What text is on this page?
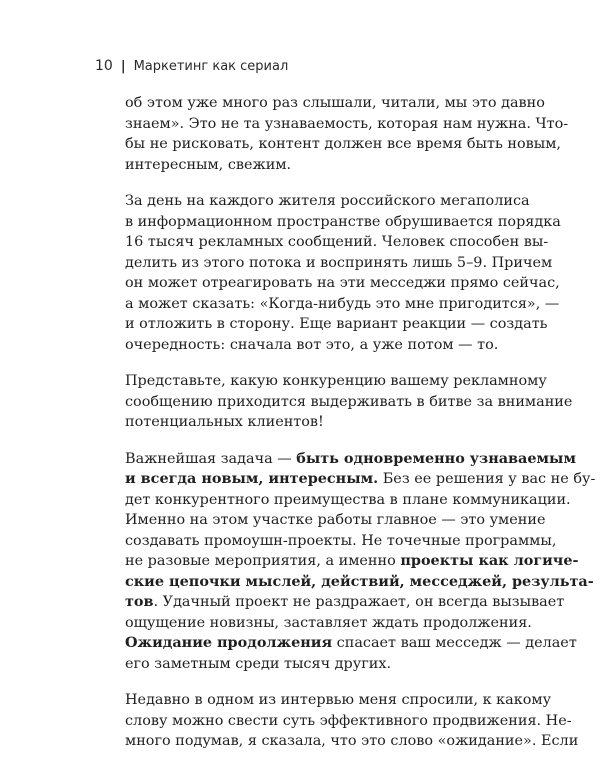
10 | Маркетинг как сериал
об этом уже много раз слышали, читали, мы это давно
знаем». Это не та узнаваемость, которая нам нужна. Что-
бы не рисковать, контент должен все время быть новым,
интересным, свежим.
За день на каждого жителя российского мегаполиса
в информационном пространстве обрушивается порядка
16 тысяч рекламных сообщений. Человек способен вы-
делить из этого потока и воспринять лишь 5–9. Причем
он может отреагировать на эти месседжи прямо сейчас,
а может сказать: «Когда-нибудь это мне пригодится», —
и отложить в сторону. Еще вариант реакции — создать
очередность: сначала вот это, а уже потом — то.
Представьте, какую конкуренцию вашему рекламному
сообщению приходится выдерживать в битве за внимание
потенциальных клиентов!
Важнейшая задача — быть одновременно узнаваемым
и всегда новым, интересным. Без ее решения у вас не бу-
дет конкурентного преимущества в плане коммуникации.
Именно на этом участке работы главное — это умение
создавать промоушн-проекты. Не точечные программы,
не разовые мероприятия, а именно проекты как логиче-
ские цепочки мыслей, действий, месседжей, результа-
тов. Удачный проект не раздражает, он всегда вызывает
ощущение новизны, заставляет ждать продолжения.
Ожидание продолжения спасает ваш месседж — делает
его заметным среди тысяч других.
Недавно в одном из интервью меня спросили, к какому
слову можно свести суть эффективного продвижения. Не-
много подумав, я сказала, что это слово «ожидание». Если
